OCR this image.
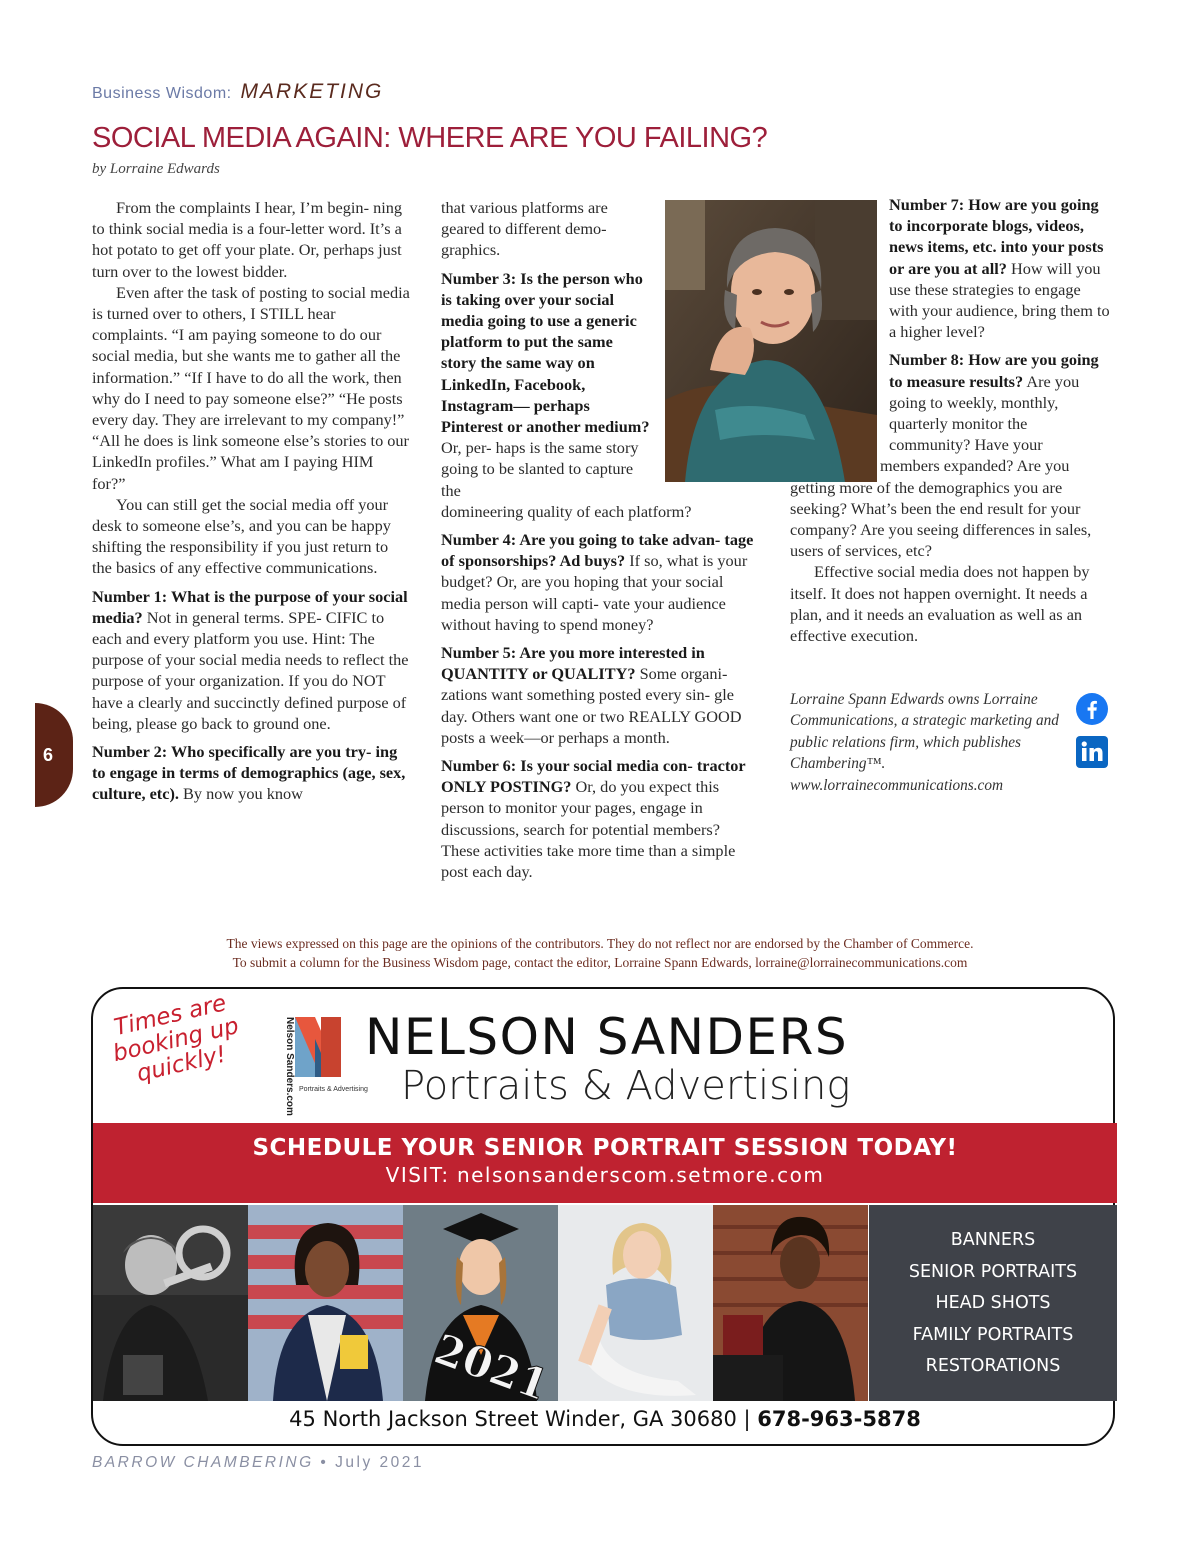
Business Wisdom: MARKETING
SOCIAL MEDIA AGAIN: WHERE ARE YOU FAILING?
by Lorraine Edwards

From the complaints I hear, I’m begin- ning to think social media is a four-letter word. It’s a hot potato to get off your plate. Or, perhaps just turn over to the lowest bidder.

Even after the task of posting to social media is turned over to others, I STILL hear complaints. “I am paying someone to do our social media, but she wants me to gather all the information.” “If I have to do all the work, then why do I need to pay someone else?” “He posts every day. They are irrelevant to my company!” “All he does is link someone else’s stories to our LinkedIn profiles.” What am I paying HIM for?”

You can still get the social media off your desk to someone else’s, and you can be happy shifting the responsibility if you just return to the basics of any effective communications.

Number 1: What is the purpose of your social media? Not in general terms. SPE- CIFIC to each and every platform you use. Hint: The purpose of your social media needs to reflect the purpose of your organization. If you do NOT have a clearly and succinctly defined purpose of being, please go back to ground one.

Number 2: Who specifically are you try- ing to engage in terms of demographics (age, sex, culture, etc). By now you know

that various platforms are geared to different demo- graphics.

Number 3: Is the person who is taking over your social media going to use a generic platform to put the same story the same way on LinkedIn, Facebook, Instagram— perhaps Pinterest or another medium? Or, per- haps is the same story going to be slanted to capture the

domineering quality of each platform?

Number 4: Are you going to take advan- tage of sponsorships? Ad buys? If so, what is your budget? Or, are you hoping that your social media person will capti- vate your audience without having to spend money?

Number 5: Are you more interested in QUANTITY or QUALITY? Some organi- zations want something posted every sin- gle day. Others want one or two REALLY GOOD posts a week—or perhaps a month.

Number 6: Is your social media con- tractor ONLY POSTING? Or, do you expect this person to monitor your pages, engage in discussions, search for potential members? These activities take more time than a simple post each day.

Number 7: How are you going to incorporate blogs, videos, news items, etc. into your posts or are you at all? How will you use these strategies to engage with your audience, bring them to a higher level?

Number 8: How are you going to measure results? Are you going to weekly, monthly, quarterly monitor the community? Have your

members expanded? Are you

getting more of the demographics you are seeking? What’s been the end result for your company? Are you seeing differences in sales, users of services, etc?

Effective social media does not happen by itself. It does not happen overnight. It needs a plan, and it needs an evaluation as well as an effective execution.

Lorraine Spann Edwards owns Lorraine Communications, a strategic marketing and public relations firm, which publishes Chambering™.
www.lorrainecommunications.com
6
The views expressed on this page are the opinions of the contributors. They do not reflect nor are endorsed by the Chamber of Commerce.
To submit a column for the Business Wisdom page, contact the editor, Lorraine Spann Edwards, lorraine@lorrainecommunications.com
Times are booking up quickly!	Nelson Sanders.com Portraits & Advertising
NELSON SANDERS
Portraits & Advertising
SCHEDULE YOUR SENIOR PORTRAIT SESSION TODAY!
VISIT: nelsonsanderscom.setmore.com
2021
BANNERS
SENIOR PORTRAITS
HEAD SHOTS
FAMILY PORTRAITS
RESTORATIONS
45 North Jackson Street Winder, GA 30680 | 678-963-5878
BARROW CHAMBERING • July 2021
